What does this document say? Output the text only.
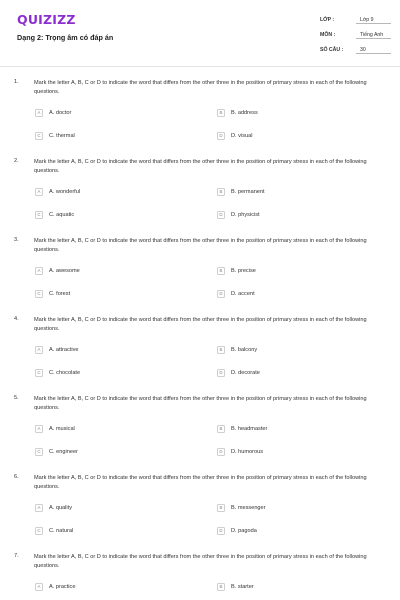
QUIZIZZ
Dạng 2: Trọng âm có đáp án
LỚP :	Lớp 9
MÔN :	Tiếng Anh
SỐ CÂU :	30
1.	Mark the letter A, B, C or D to indicate the word that differs from the other three in the position of primary stress in each of the following questions.

A	A. doctor	B	B. address
C	C. thermal	D	D. visual
2.	Mark the letter A, B, C or D to indicate the word that differs from the other three in the position of primary stress in each of the following questions.

A	A. wonderful	B	B. permanent
C	C. aquatic	D	D. physicist
3.	Mark the letter A, B, C or D to indicate the word that differs from the other three in the position of primary stress in each of the following questions.

A	A. awesome	B	B. precise
C	C. forest	D	D. accent
4.	Mark the letter A, B, C or D to indicate the word that differs from the other three in the position of primary stress in each of the following questions.

A	A. attractive	B	B. balcony
C	C. chocolate	D	D. decorate
5.	Mark the letter A, B, C or D to indicate the word that differs from the other three in the position of primary stress in each of the following questions.

A	A. musical	B	B. headmaster
C	C. engineer	D	D. humorous
6.	Mark the letter A, B, C or D to indicate the word that differs from the other three in the position of primary stress in each of the following questions.

A	A. quality	B	B. messenger
C	C. natural	D	D. pagoda
7.	Mark the letter A, B, C or D to indicate the word that differs from the other three in the position of primary stress in each of the following questions.

A	A. practice	B	B. starter
